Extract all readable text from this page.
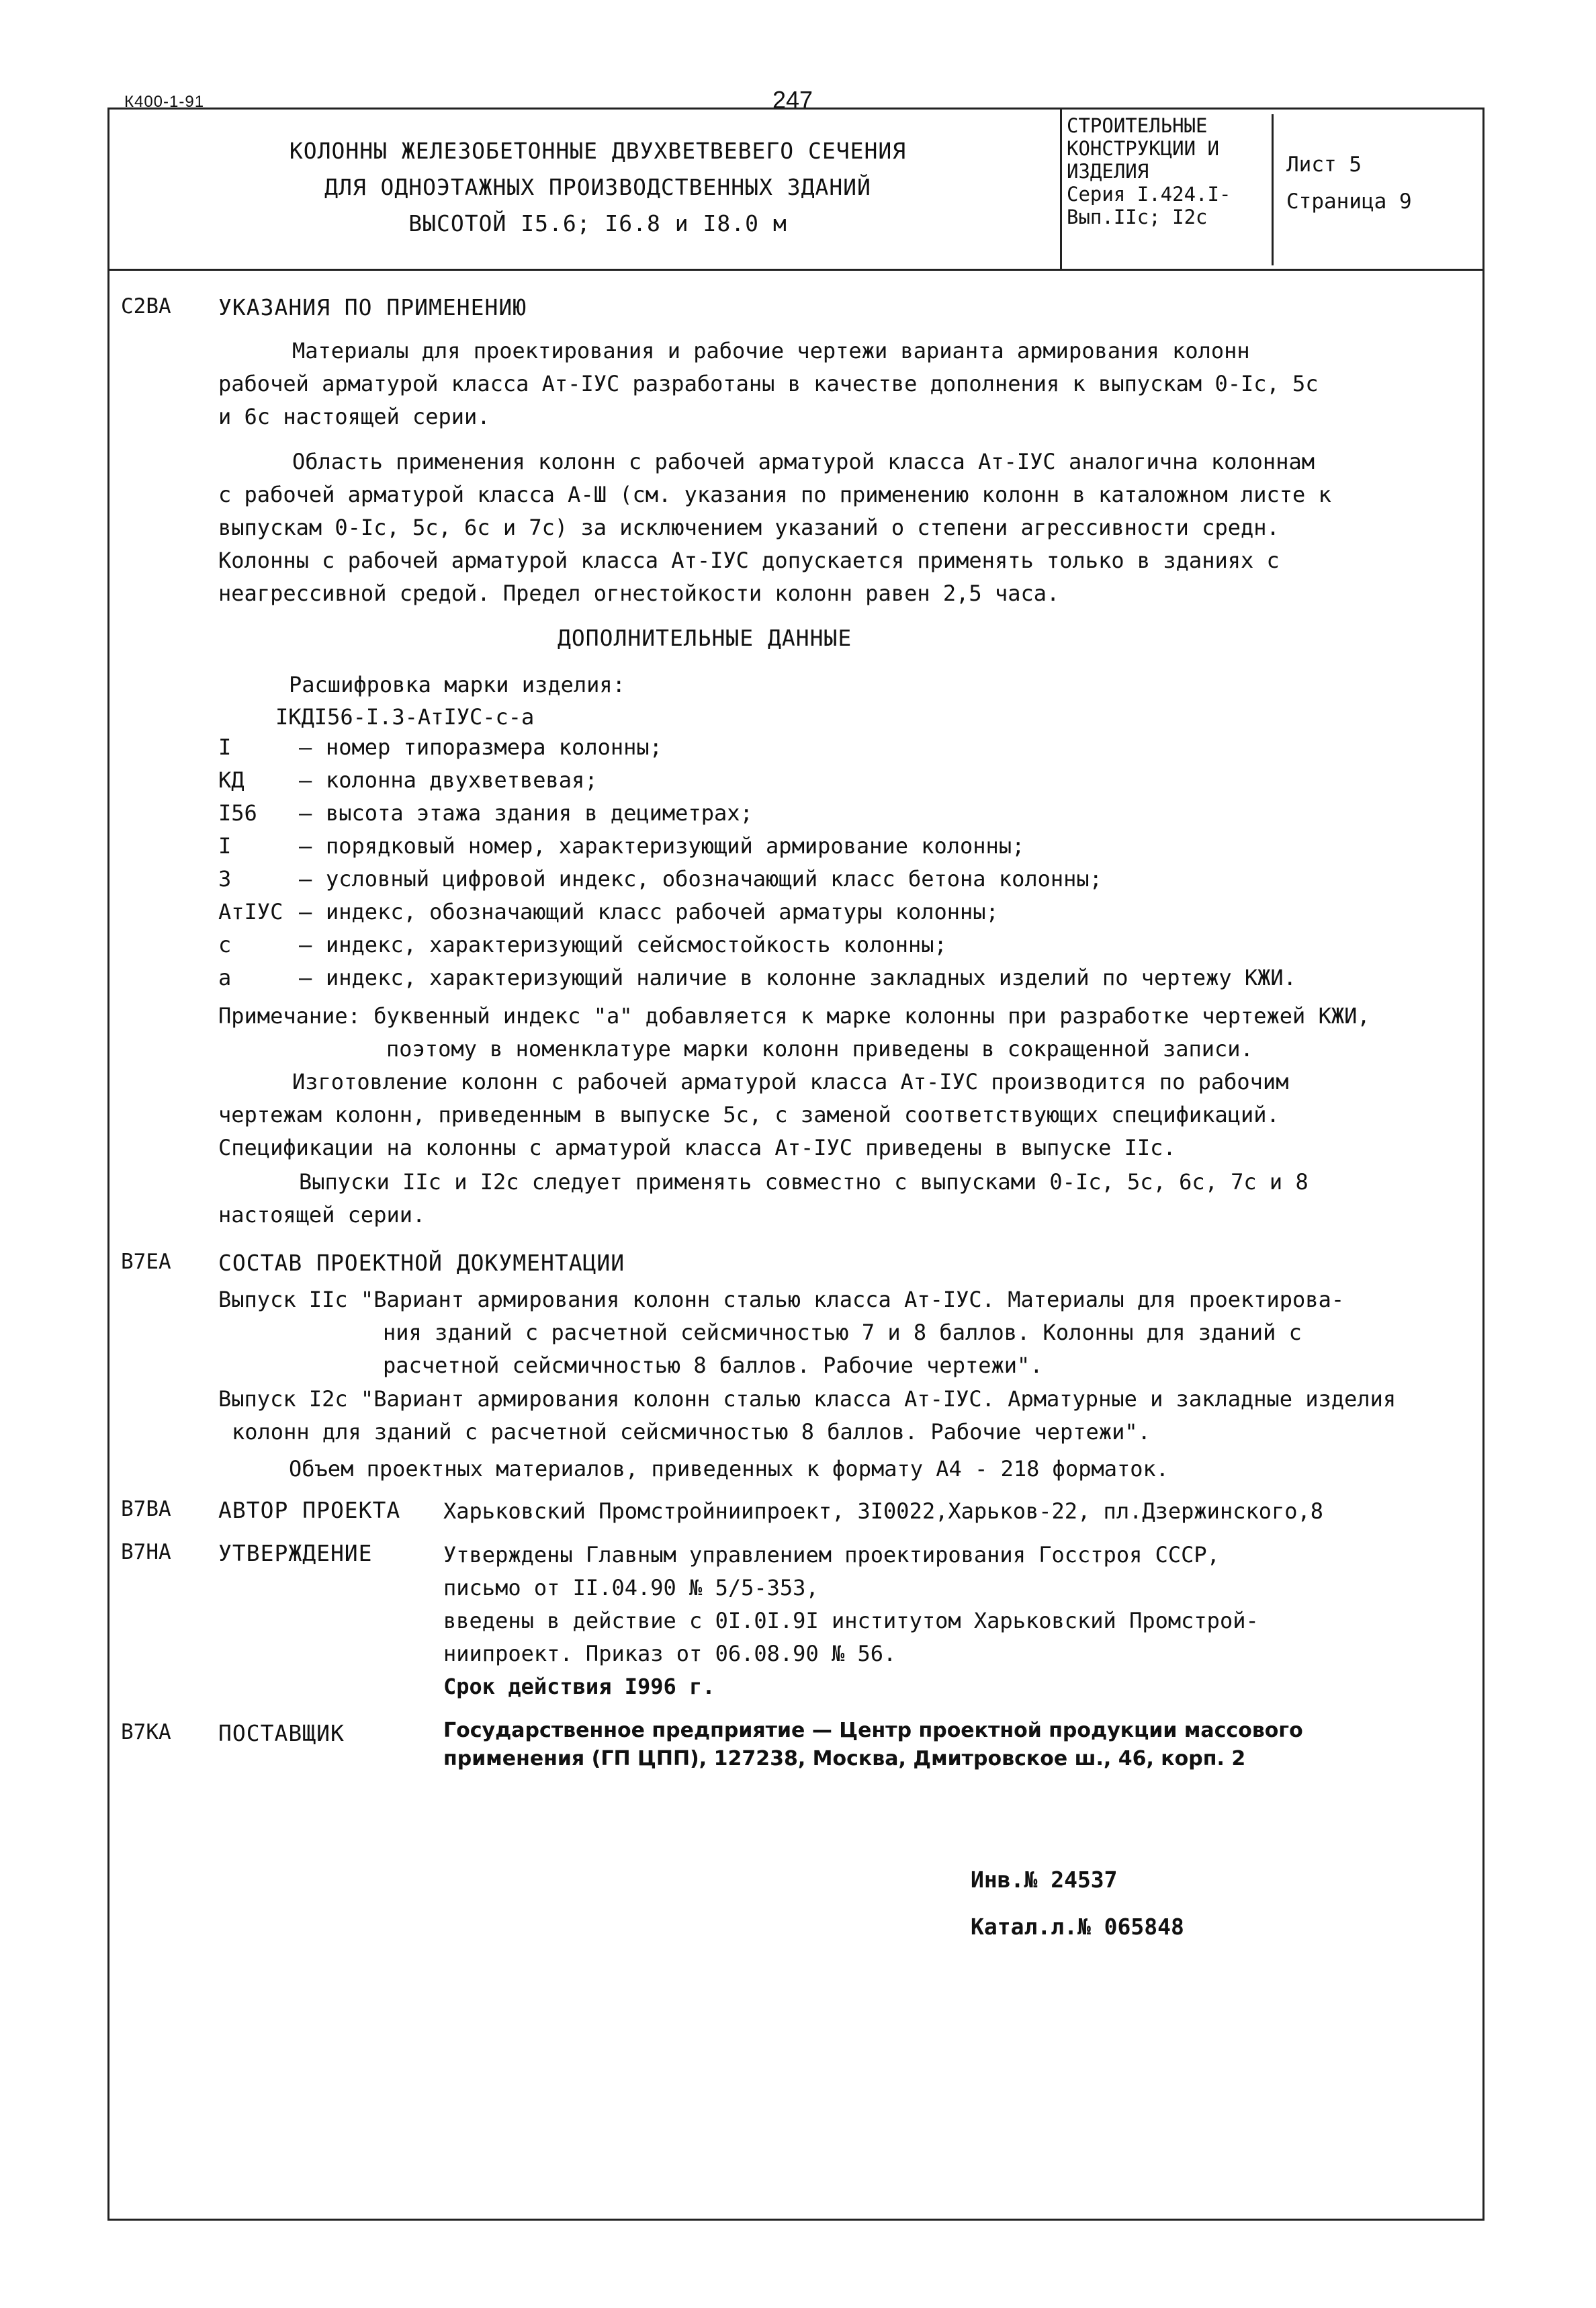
К400-1-91	247
КОЛОННЫ ЖЕЛЕЗОБЕТОННЫЕ ДВУХВЕТВЕВЕГО СЕЧЕНИЯ
ДЛЯ ОДНОЭТАЖНЫХ ПРОИЗВОДСТВЕННЫХ ЗДАНИЙ
ВЫСОТОЙ I5.6; I6.8 и I8.0 м
СТРОИТЕЛЬНЫЕ
КОНСТРУКЦИИ И
ИЗДЕЛИЯ
Серия I.424.I-
Вып.IIc; I2c
Лист 5
Страница 9
C2BA УКАЗАНИЯ ПО ПРИМЕНЕНИЮ
Материалы для проектирования и рабочие чертежи варианта армирования колонн
рабочей арматурой класса Ат-IУС разработаны в качестве дополнения к выпускам 0-Iс, 5с
и 6с настоящей серии.
Область применения колонн с рабочей арматурой класса Ат-IУС аналогична колоннам
с рабочей арматурой класса А-Ш (см. указания по применению колонн в каталожном листе к
выпускам 0-Iс, 5с, 6с и 7с) за исключением указаний о степени агрессивности средн.
Колонны с рабочей арматурой класса Ат-IУС допускается применять только в зданиях с
неагрессивной средой. Предел огнестойкости колонн равен 2,5 часа.
ДОПОЛНИТЕЛЬНЫЕ ДАННЫЕ
Расшифровка марки изделия:
IКДI56-I.3-АтIУС-с-а
I	– номер типоразмера колонны;
КД	– колонна двухветвевая;
I56	– высота этажа здания в дециметрах;
I	– порядковый номер, характеризующий армирование колонны;
3	– условный цифровой индекс, обозначающий класс бетона колонны;
АтIУС – индекс, обозначающий класс рабочей арматуры колонны;
с	– индекс, характеризующий сейсмостойкость колонны;
а	– индекс, характеризующий наличие в колонне закладных изделий по чертежу КЖИ.
Примечание: буквенный индекс "а" добавляется к марке колонны при разработке чертежей КЖИ,
поэтому в номенклатуре марки колонн приведены в сокращенной записи.
Изготовление колонн с рабочей арматурой класса Ат-IУС производится по рабочим
чертежам колонн, приведенным в выпуске 5с, с заменой соответствующих спецификаций.
Спецификации на колонны с арматурой класса Ат-IУС приведены в выпуске IIс.
Выпуски IIс и I2с следует применять совместно с выпусками 0-Iс, 5с, 6с, 7с и 8
настоящей серии.
В7ЕА СОСТАВ ПРОЕКТНОЙ ДОКУМЕНТАЦИИ
Выпуск IIс "Вариант армирования колонн сталью класса Ат-IУС. Материалы для проектирова-
ния зданий с расчетной сейсмичностью 7 и 8 баллов. Колонны для зданий с
расчетной сейсмичностью 8 баллов. Рабочие чертежи".
Выпуск I2с "Вариант армирования колонн сталью класса Ат-IУС. Арматурные и закладные изделия
колонн для зданий с расчетной сейсмичностью 8 баллов. Рабочие чертежи".
Объем проектных материалов, приведенных к формату А4 - 218 форматок.
В7ВА АВТОР ПРОЕКТА Харьковский Промстройниипроект, 3I0022,Харьков-22, пл.Дзержинского,8
В7НА УТВЕРЖДЕНИЕ	Утверждены Главным управлением проектирования Госстроя СССР,
письмо от II.04.90 № 5/5-353,
введены в действие с 0I.0I.9I институтом Харьковский Промстрой-
ниипроект. Приказ от 06.08.90 № 56.
Срок действия I996 г.
В7КА ПОСТАВЩИК	Государственное предприятие — Центр проектной продукции массового
применения (ГП ЦПП), 127238, Москва, Дмитровское ш., 46, корп. 2
Инв.№ 24537
Катал.л.№ 065848
